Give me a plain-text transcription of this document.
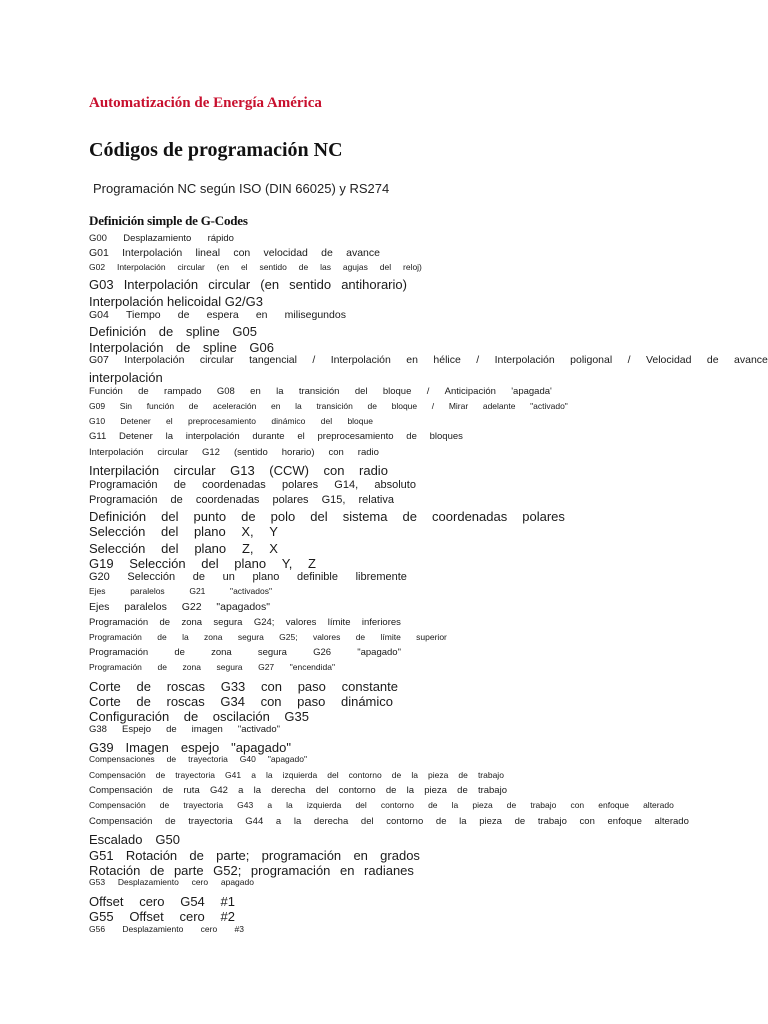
Automatización de Energía América
Códigos de programación NC
Programación NC según ISO (DIN 66025) y RS274
Definición simple de G-Codes
G00 Desplazamiento rápido
G01 Interpolación lineal con velocidad de avance
G02 Interpolación circular (en el sentido de las agujas del reloj)
G03 Interpolación circular (en sentido antihorario)
Interpolación helicoidal G2/G3
G04 Tiempo de espera en milisegundos
Definición de spline G05
Interpolación de spline G06
G07 Interpolación circular tangencial / Interpolación en hélice / Interpolación poligonal / Velocidad de avance
interpolación
Función de rampado G08 en la transición del bloque / Anticipación 'apagada'
G09 Sin función de aceleración en la transición de bloque / Mirar adelante "activado"
G10 Detener el preprocesamiento dinámico del bloque
G11 Detener la interpolación durante el preprocesamiento de bloques
Interpolación circular G12 (sentido horario) con radio
Interpilación circular G13 (CCW) con radio
Programación de coordenadas polares G14, absoluto
Programación de coordenadas polares G15, relativa
Definición del punto de polo del sistema de coordenadas polares
Selección del plano X, Y
Selección del plano Z, X
G19 Selección del plano Y, Z
G20 Selección de un plano definible libremente
Ejes	paralelos	G21	"activados"
Ejes paralelos G22 "apagados"
Programación de zona segura G24; valores límite inferiores
Programación de la zona segura G25; valores de límite superior
Programación	de	zona	segura	G26	"apagado"
Programación de zona segura G27 "encendida"
Corte de roscas G33 con paso constante
Corte de roscas G34 con paso dinámico
Configuración de oscilación G35
G38 Espejo de imagen "activado"
G39 Imagen espejo "apagado"
Compensaciones de trayectoria G40 "apagado"
Compensación de trayectoria G41 a la izquierda del contorno de la pieza de trabajo
Compensación de ruta G42 a la derecha del contorno de la pieza de trabajo
Compensación de trayectoria G43 a la izquierda del contorno de la pieza de trabajo con enfoque alterado
Compensación de trayectoria G44 a la derecha del contorno de la pieza de trabajo con enfoque alterado
Escalado G50
G51 Rotación de parte; programación en grados
Rotación de parte G52; programación en radianes
G53 Desplazamiento cero apagado
Offset cero G54 #1
G55 Offset cero #2
G56 Desplazamiento cero #3
